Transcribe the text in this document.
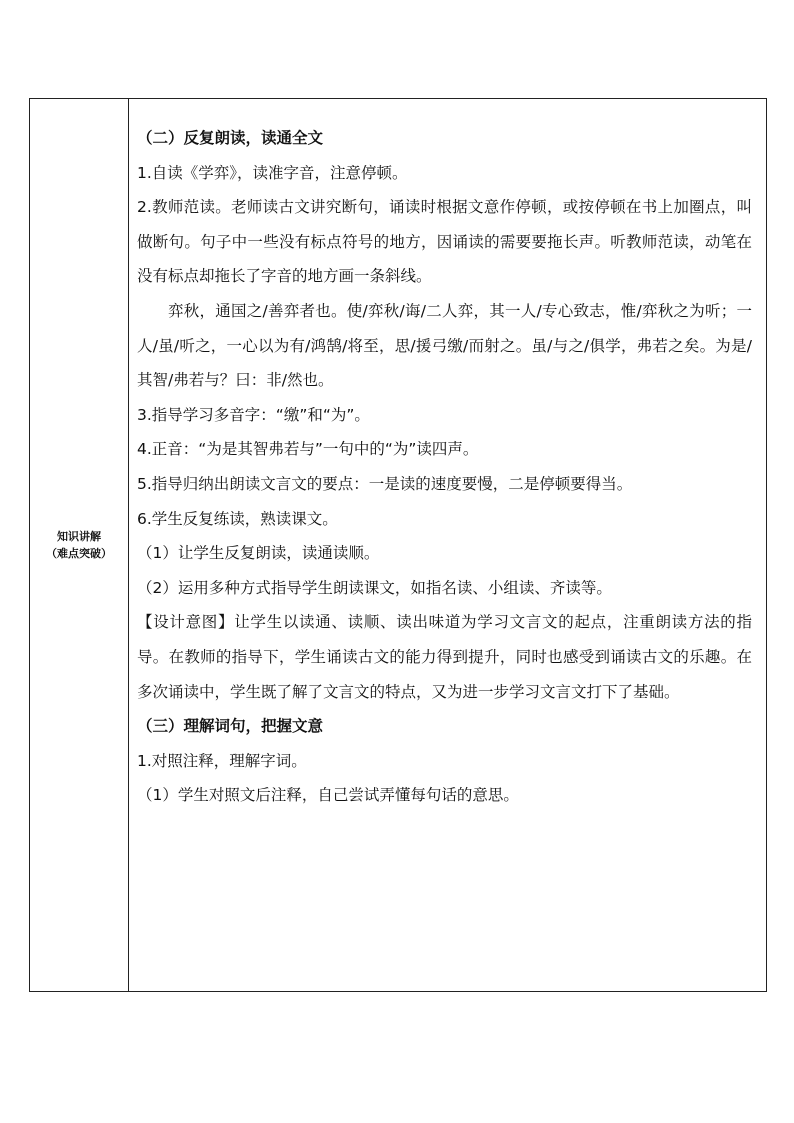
知识讲解
（难点突破）

（二）反复朗读，读通全文

1.自读《学弈》，读准字音，注意停顿。

2.教师范读。老师读古文讲究断句，诵读时根据文意作停顿，或按停顿在书上加圈点，叫做断句。句子中一些没有标点符号的地方，因诵读的需要要拖长声。听教师范读，动笔在没有标点却拖长了字音的地方画一条斜线。

弈秋，通国之/善弈者也。使/弈秋/诲/二人弈，其一人/专心致志，惟/弈秋之为听；一人/虽/听之，一心以为有/鸿鹄/将至，思/援弓缴/而射之。虽/与之/俱学，弗若之矣。为是/其智/弗若与？曰：非/然也。

3.指导学习多音字：“缴”和“为”。

4.正音：“为是其智弗若与”一句中的“为”读四声。

5.指导归纳出朗读文言文的要点：一是读的速度要慢，二是停顿要得当。

6.学生反复练读，熟读课文。

（1）让学生反复朗读，读通读顺。

（2）运用多种方式指导学生朗读课文，如指名读、小组读、齐读等。

【设计意图】让学生以读通、读顺、读出味道为学习文言文的起点，注重朗读方法的指导。在教师的指导下，学生诵读古文的能力得到提升，同时也感受到诵读古文的乐趣。在多次诵读中，学生既了解了文言文的特点，又为进一步学习文言文打下了基础。

（三）理解词句，把握文意

1.对照注释，理解字词。

（1）学生对照文后注释，自己尝试弄懂每句话的意思。
